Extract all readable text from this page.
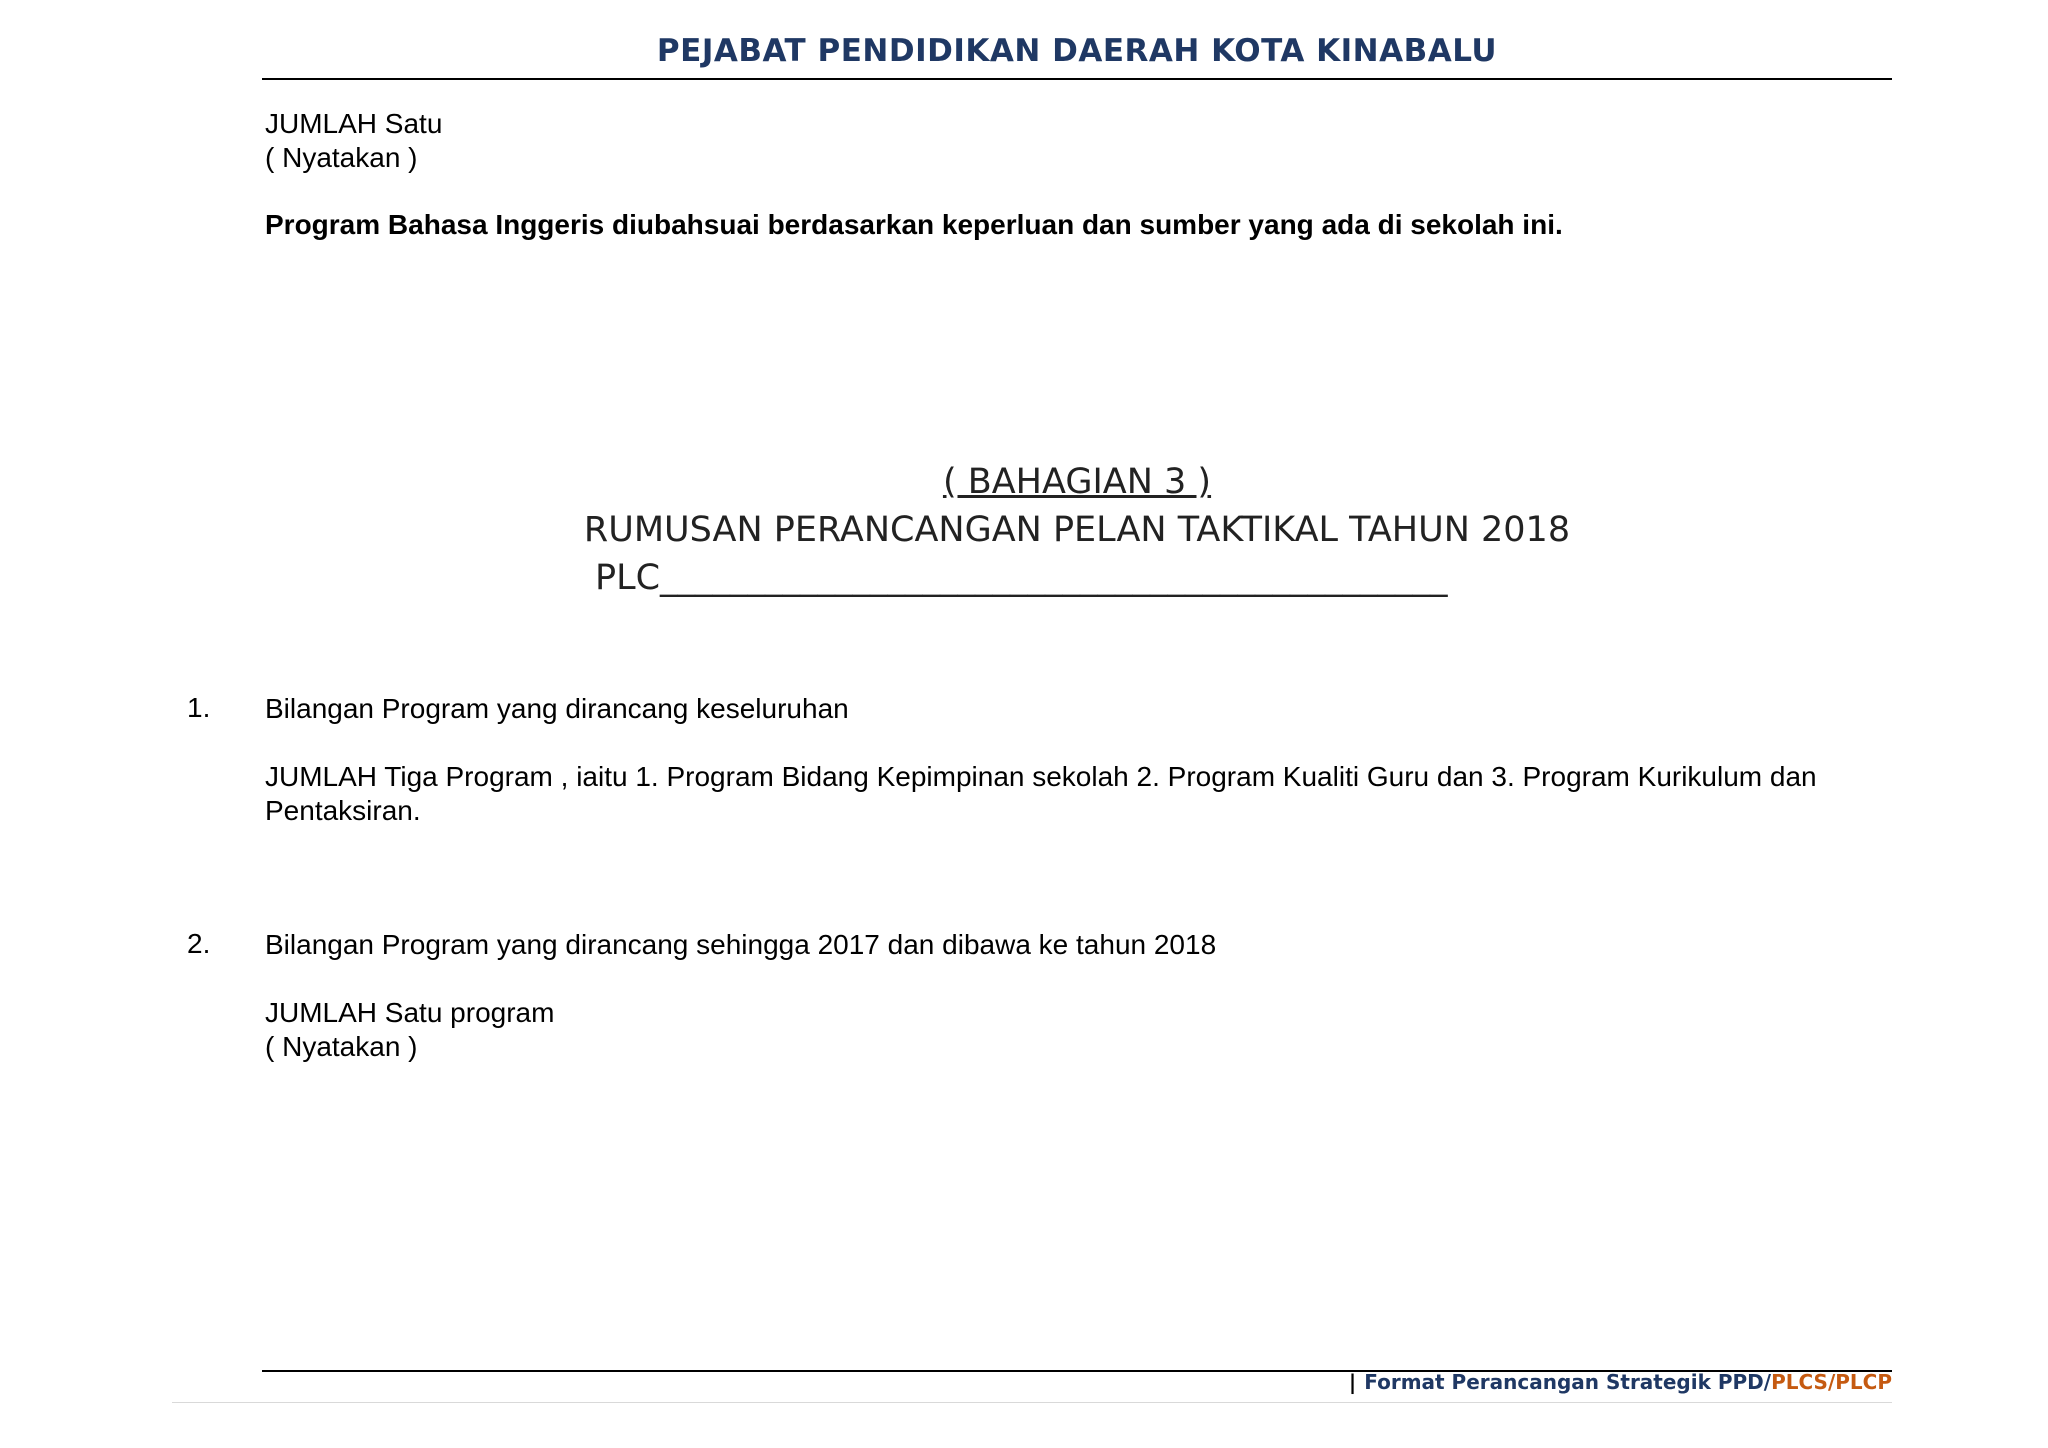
PEJABAT PENDIDIKAN DAERAH KOTA KINABALU
JUMLAH Satu
( Nyatakan )
Program Bahasa Inggeris diubahsuai berdasarkan keperluan dan sumber yang ada di sekolah ini.
( BAHAGIAN 3 )
RUMUSAN PERANCANGAN PELAN TAKTIKAL TAHUN 2018
PLC_____________________________________________
1. Bilangan Program yang dirancang keseluruhan
JUMLAH Tiga Program , iaitu 1. Program Bidang Kepimpinan sekolah 2. Program Kualiti Guru dan 3. Program Kurikulum dan Pentaksiran.
2. Bilangan Program yang dirancang sehingga 2017 dan dibawa ke tahun 2018
JUMLAH Satu program
( Nyatakan )
| Format Perancangan Strategik PPD/PLCS/PLCP
